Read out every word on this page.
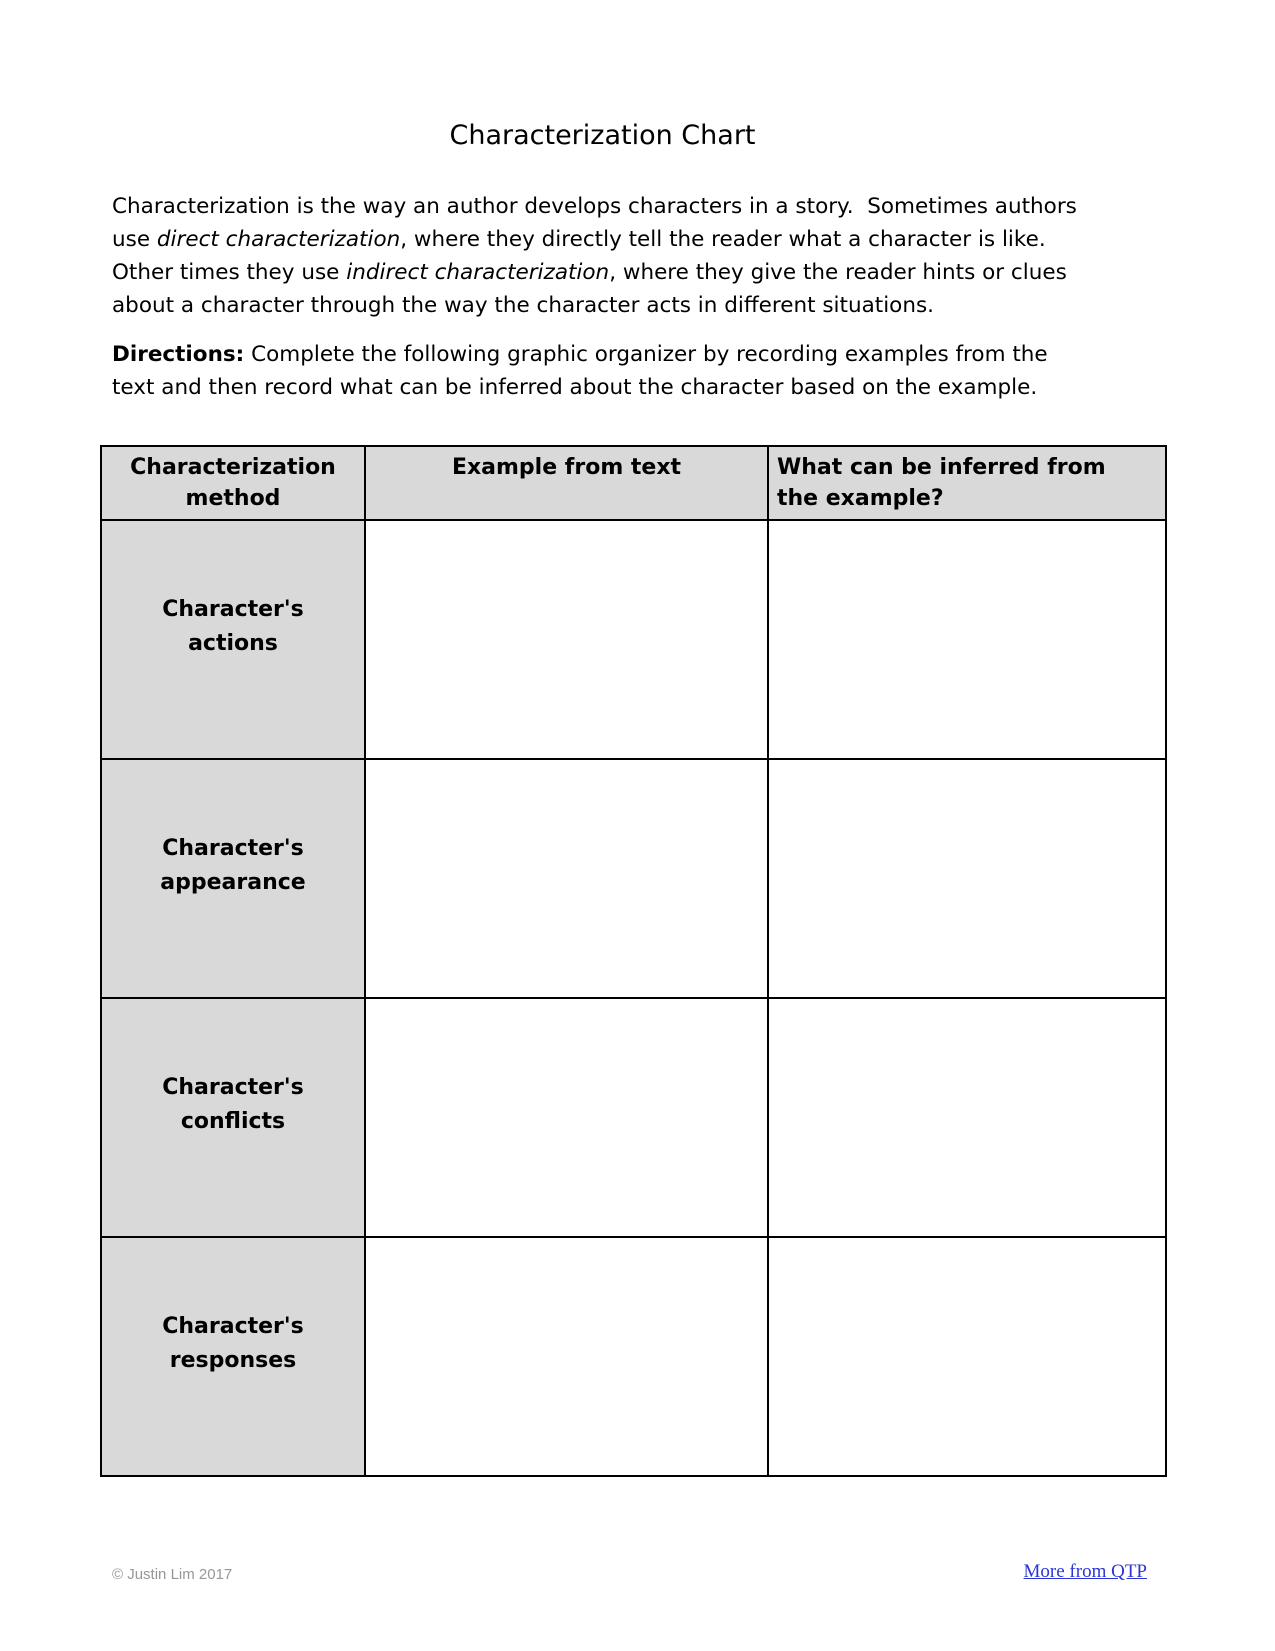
Characterization Chart

Characterization is the way an author develops characters in a story.  Sometimes authors use direct characterization, where they directly tell the reader what a character is like.  Other times they use indirect characterization, where they give the reader hints or clues about a character through the way the character acts in different situations.

Directions: Complete the following graphic organizer by recording examples from the text and then record what can be inferred about the character based on the example.

Characterization method	Example from text	What can be inferred from the example?
Character's actions		
Character's appearance		
Character's conflicts		
Character's responses		
© Justin Lim 2017	More from QTP
